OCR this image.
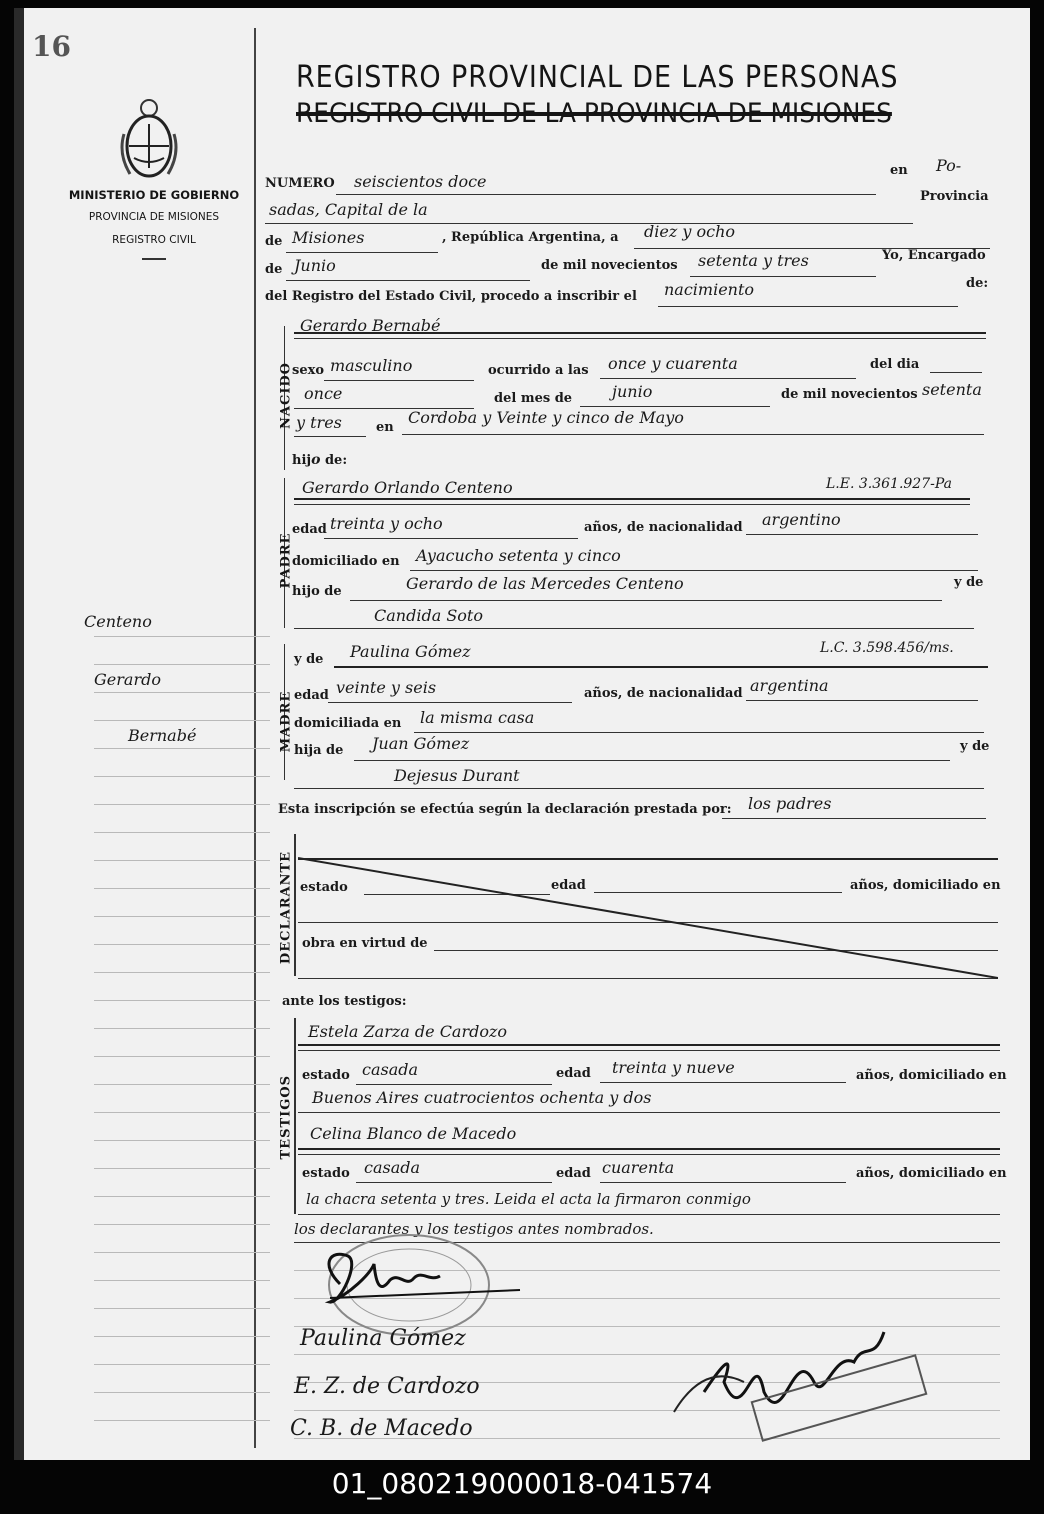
16
MINISTERIO DE GOBIERNO
PROVINCIA DE MISIONES
REGISTRO CIVIL
Centeno
Gerardo
Bernabé
REGISTRO PROVINCIAL DE LAS PERSONAS
REGISTRO CIVIL DE LA PROVINCIA DE MISIONES
NUMERO seiscientos doce
en Po-
sadas, Capital de la
Provincia
de Misiones	, República Argentina, a diez y ocho
de Junio	de mil novecientos setenta y tres	Yo, Encargado
del Registro del Estado Civil, procedo a inscribir el nacimiento	de:
NACIDO
Gerardo Bernabé
sexo masculino	ocurrido a las once y cuarenta	del dia
once	del mes de junio	de mil novecientos setenta
y tres	en
Cordoba y Veinte y cinco de Mayo
hijo de:
PADRE
Gerardo Orlando Centeno	L.E. 3.361.927-Pa
edad treinta y ocho	años, de nacionalidad argentino
domiciliado en Ayacucho setenta y cinco
hijo de	Gerardo de las Mercedes Centeno	y de
Candida Soto
MADRE
y de Paulina Gómez	L.C. 3.598.456/ms.
edad veinte y seis	años, de nacionalidad argentina
domiciliada en la misma casa
hija de Juan Gómez	y de
Dejesus Durant
Esta inscripción se efectúa según la declaración prestada por: los padres
DECLARANTE estado	edad	años, domiciliado en
obra en virtud de
ante los testigos:
TESTIGOS
Estela Zarza de Cardozo
estado casada	edad treinta y nueve	años, domiciliado en
Buenos Aires cuatrocientos ochenta y dos
Celina Blanco de Macedo
estado casada	edad cuarenta	años, domiciliado en
la chacra setenta y tres. Leida el acta la firmaron conmigo
los declarantes y los testigos antes nombrados.
Paulina Gómez
E. Z. de Cardozo
C. B. de Macedo
01_080219000018-041574
